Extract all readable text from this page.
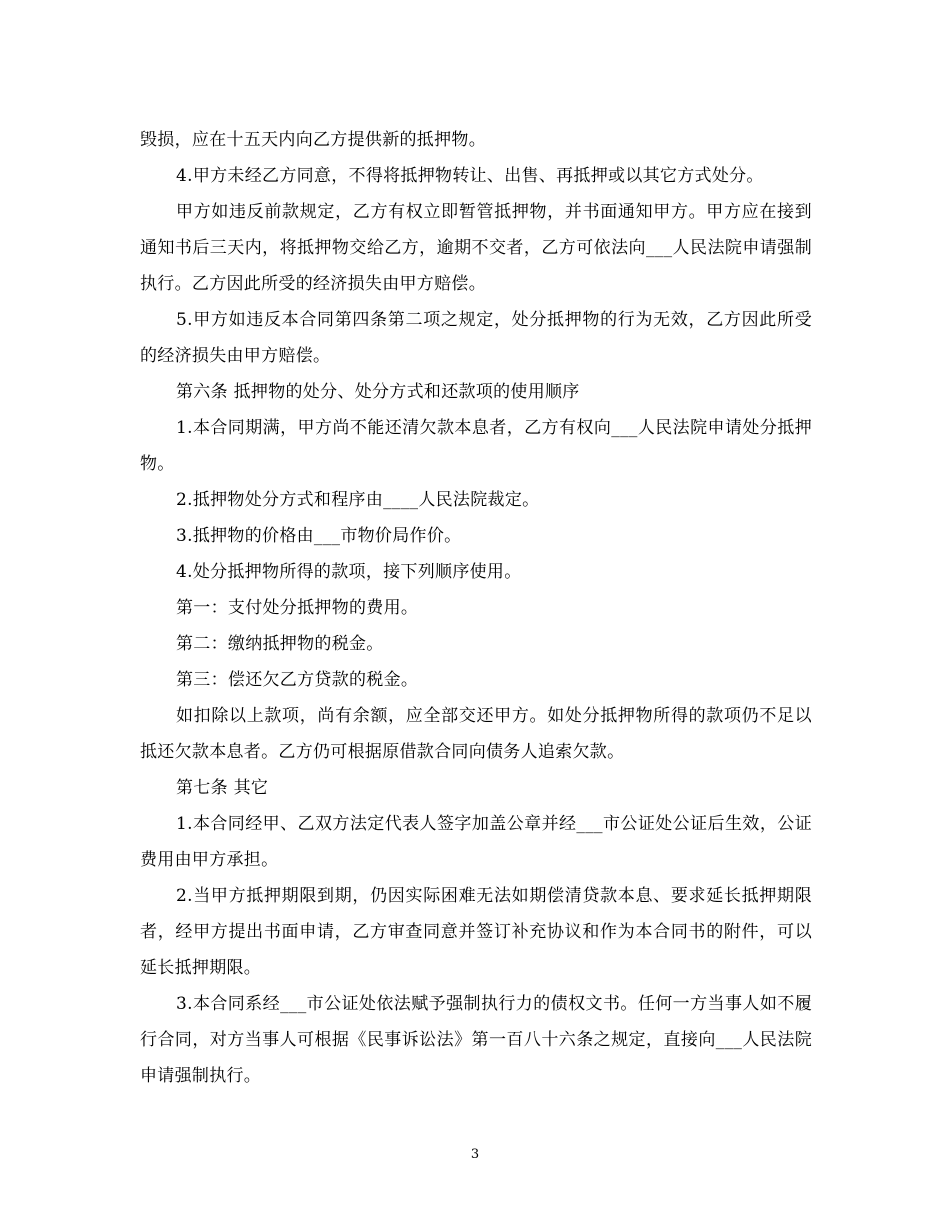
毁损，应在十五天内向乙方提供新的抵押物。

4.甲方未经乙方同意，不得将抵押物转让、出售、再抵押或以其它方式处分。

甲方如违反前款规定，乙方有权立即暂管抵押物，并书面通知甲方。甲方应在接到通知书后三天内，将抵押物交给乙方，逾期不交者，乙方可依法向___人民法院申请强制执行。乙方因此所受的经济损失由甲方赔偿。

5.甲方如违反本合同第四条第二项之规定，处分抵押物的行为无效，乙方因此所受的经济损失由甲方赔偿。

第六条 抵押物的处分、处分方式和还款项的使用顺序

1.本合同期满，甲方尚不能还清欠款本息者，乙方有权向___人民法院申请处分抵押物。

2.抵押物处分方式和程序由____人民法院裁定。

3.抵押物的价格由___市物价局作价。

4.处分抵押物所得的款项，接下列顺序使用。

第一：支付处分抵押物的费用。

第二：缴纳抵押物的税金。

第三：偿还欠乙方贷款的税金。

如扣除以上款项，尚有余额，应全部交还甲方。如处分抵押物所得的款项仍不足以抵还欠款本息者。乙方仍可根据原借款合同向债务人追索欠款。

第七条 其它

1.本合同经甲、乙双方法定代表人签字加盖公章并经___市公证处公证后生效，公证费用由甲方承担。

2.当甲方抵押期限到期，仍因实际困难无法如期偿清贷款本息、要求延长抵押期限者，经甲方提出书面申请，乙方审查同意并签订补充协议和作为本合同书的附件，可以延长抵押期限。

3.本合同系经___市公证处依法赋予强制执行力的债权文书。任何一方当事人如不履行合同，对方当事人可根据《民事诉讼法》第一百八十六条之规定，直接向___人民法院申请强制执行。

3
